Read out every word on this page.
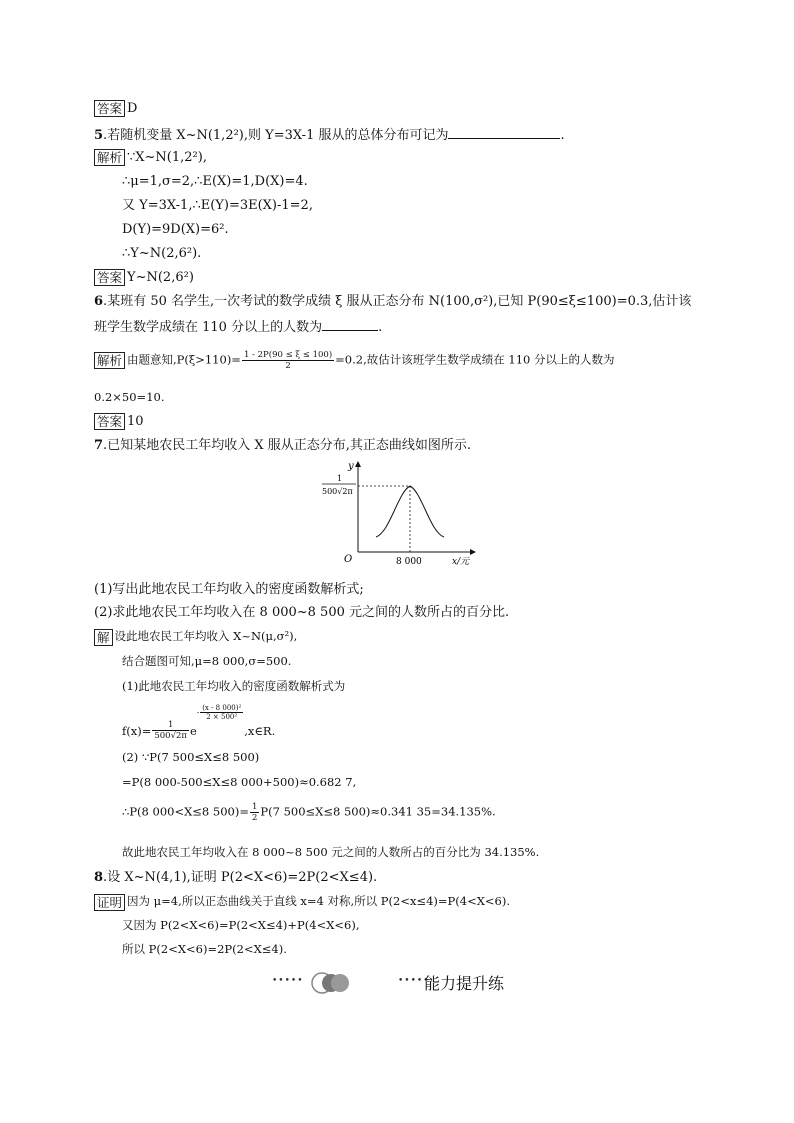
答案 D
5.若随机变量 X~N(1,2²),则 Y=3X-1 服从的总体分布可记为	.
解析 ∵X~N(1,2²),
∴μ=1,σ=2,∴E(X)=1,D(X)=4.
又 Y=3X-1,∴E(Y)=3E(X)-1=2,
D(Y)=9D(X)=6².
∴Y~N(2,6²).
答案 Y~N(2,6²)
6.某班有 50 名学生,一次考试的数学成绩 ξ 服从正态分布 N(100,σ²),已知 P(90≤ξ≤100)=0.3,估计该
班学生数学成绩在 110 分以上的人数为	.
解析 由题意知$,P(\xi>110)= \frac{1 - 2P(90 \le \xi \le 100)}{2} =0.2$,故估计该班学生数学成绩在 110 分以上的人数为
0.2×50=10.
答案 10
7.已知某地农民工年均收入 X 服从正态分布,其正态曲线如图所示.
y
O	8 000	x/元
1
500√2π
(1)写出此地农民工年均收入的密度函数解析式;
(2)求此地农民工年均收入在 8 000~8 500 元之间的人数所占的百分比.
解 设此地农民工年均收入 X~N(μ,σ²),
结合题图可知,μ=8 000,σ=500.
(1)此地农民工年均收入的密度函数解析式为
$f(x)= \frac{1}{500√2\pi} e- \frac{\text{(x - 8 000)²}}{\text{2 × 500²}}$
,x∈R.
(2) ∵P(7 500≤X≤8 500)
=P(8 000-500≤X≤8 000+500)≈0.682 7,
∴P(8 000<X≤8 $500)= \frac{1}{2} P(7$ 500≤X≤8 500)≈0.341 35=34.135%.
故此地农民工年均收入在 8 000~8 500 元之间的人数所占的百分比为 34.135%.
8.设 X~N(4,1),证明 P(2<X<6)=2P(2<X≤4).
证明 因为 μ=4,所以正态曲线关于直线 x=4 对称,所以 P(2<x≤4)=P(4<X<6).
又因为 P(2<X<6)=P(2<X≤4)+P(4<X<6),
所以 P(2<X<6)=2P(2<X≤4).
•••••	•••••
能力提升练
